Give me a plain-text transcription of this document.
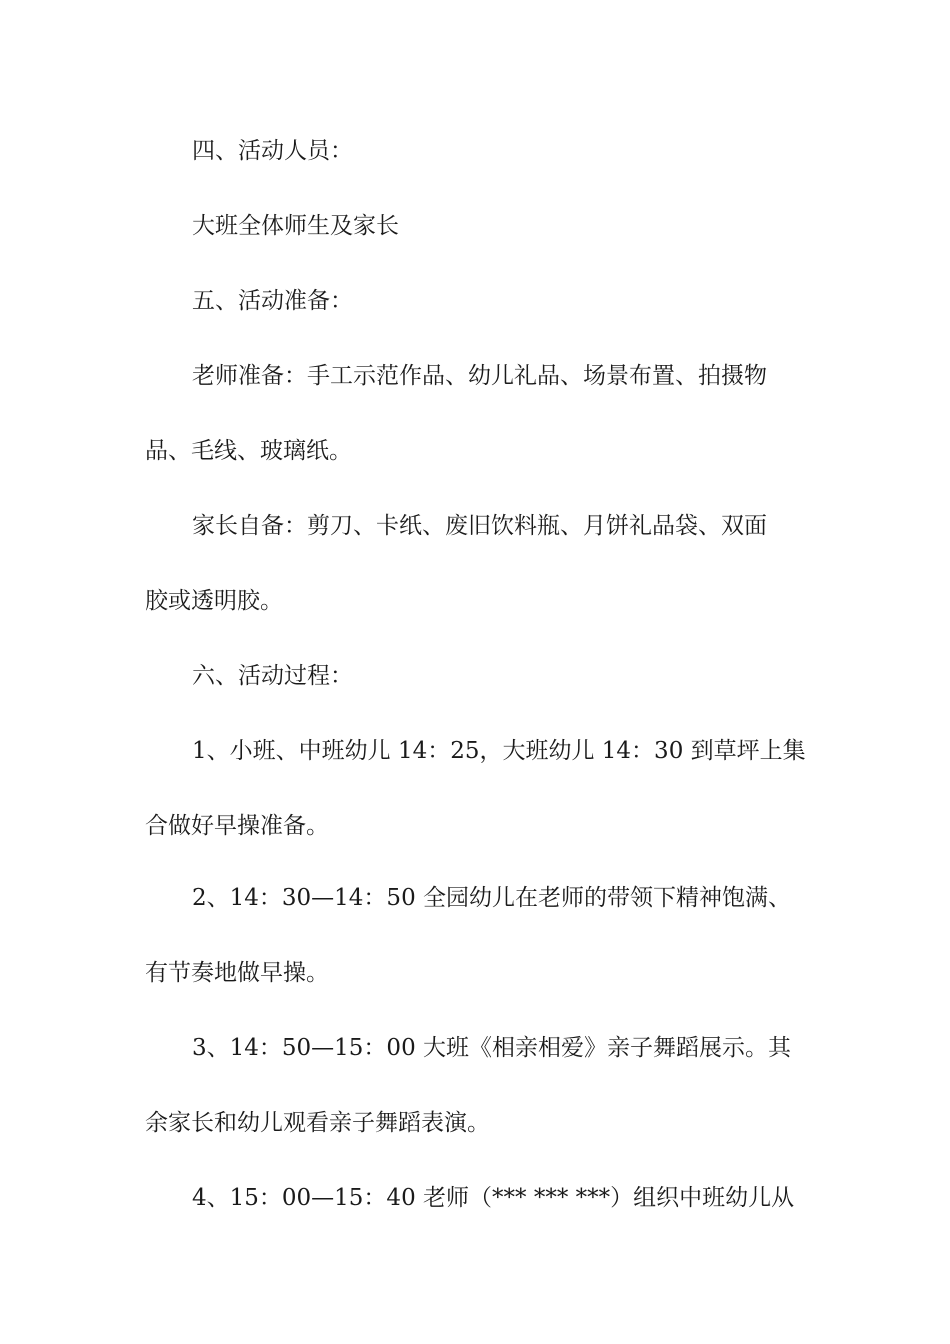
四、活动人员：
大班全体师生及家长
五、活动准备：
老师准备：手工示范作品、幼儿礼品、场景布置、拍摄物
品、毛线、玻璃纸。
家长自备：剪刀、卡纸、废旧饮料瓶、月饼礼品袋、双面
胶或透明胶。
六、活动过程：
1、小班、中班幼儿 14：25，大班幼儿 14：30 到草坪上集
合做好早操准备。
2、14：30—14：50 全园幼儿在老师的带领下精神饱满、
有节奏地做早操。
3、14：50—15：00 大班《相亲相爱》亲子舞蹈展示。其
余家长和幼儿观看亲子舞蹈表演。
4、15：00—15：40 老师（*** *** ***）组织中班幼儿从
